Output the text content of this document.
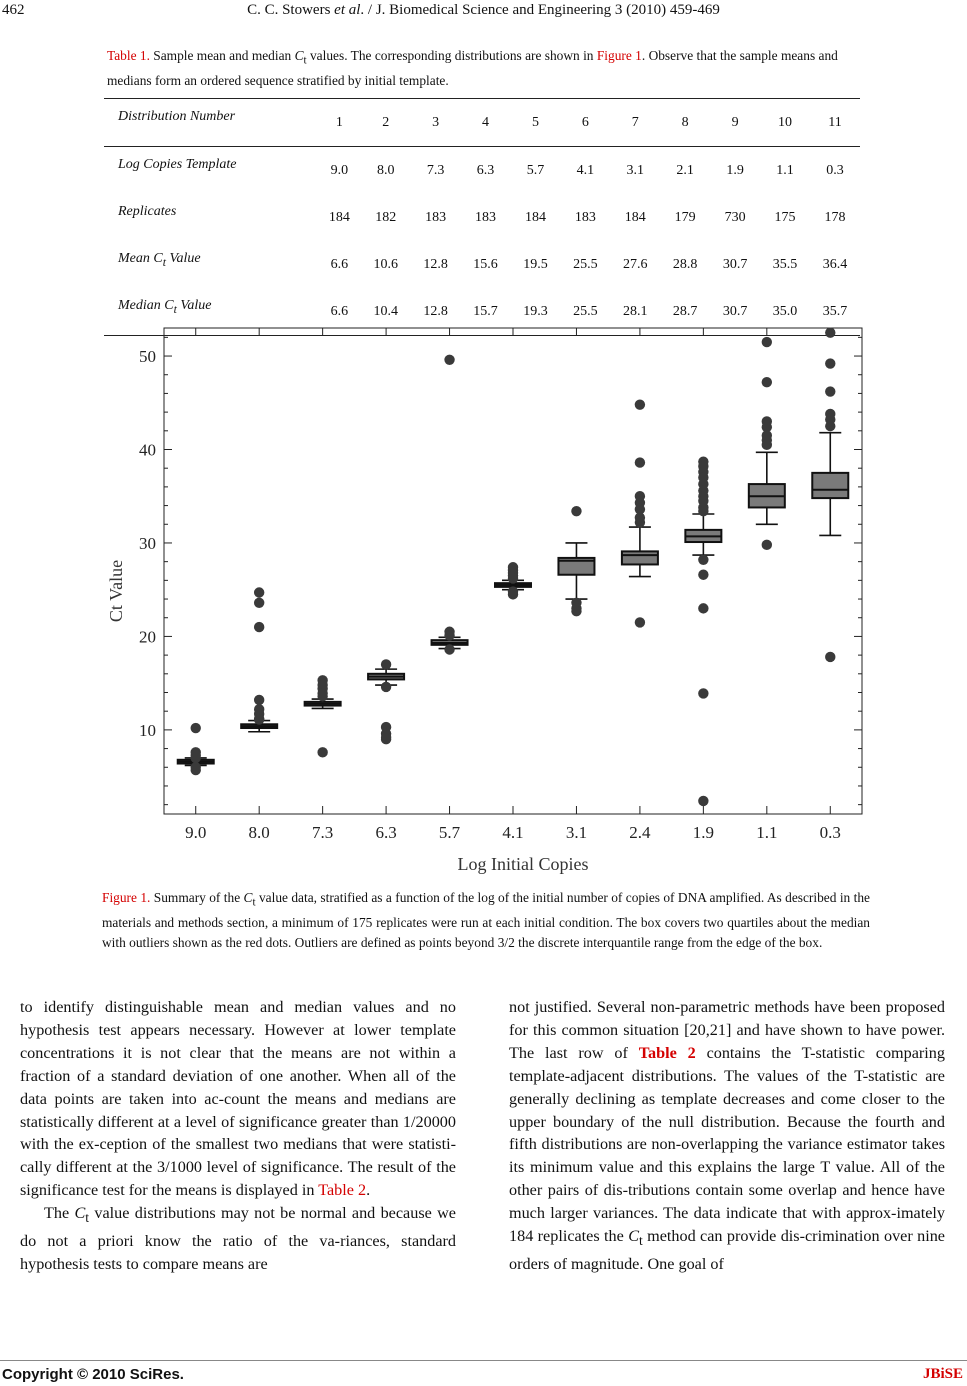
462	C. C. Stowers et al. / J. Biomedical Science and Engineering 3 (2010) 459-469
Table 1. Sample mean and median $C_t$ values. The corresponding distributions are shown in Figure 1. Observe that the sample means and medians form an ordered sequence stratified by initial template.
Distribution Number	1	2	3	4	5	6	7	8	9	10	11
Log Copies Template	9.0	8.0	7.3	6.3	5.7	4.1	3.1	2.1	1.9	1.1	0.3
Replicates	184	182	183	183	184	183	184	179	730	175	178
Mean $C_t$ Value	6.6	10.6	12.8	15.6	19.5	25.5	27.6	28.8	30.7	35.5	36.4
Median $C_t$ Value	6.6	10.4	12.8	15.7	19.3	25.5	28.1	28.7	30.7	35.0	35.7
10
20
30
40
50
9.0 8.0 7.3 6.3 5.7 4.1 3.1 2.4 1.9 1.1 0.3
Log Initial Copies
Ct Value
Figure 1. Summary of the $C_t$ value data, stratified as a function of the log of the initial number of copies of DNA amplified. As described in the materials and methods section, a minimum of 175 replicates were run at each initial condition. The box covers two quartiles about the median with outliers shown as the red dots. Outliers are defined as points beyond 3/2 the discrete interquantile range from the edge of the box.

to identify distinguishable mean and median values and no hypothesis test appears necessary. However at lower template concentrations it is not clear that the means are not within a fraction of a standard deviation of one another. When all of the data points are taken into ac-count the means and medians are statistically different at a level of significance greater than 1/20000 with the ex-ception of the smallest two medians that were statisti-cally different at the 3/1000 level of significance. The result of the significance test for the means is displayed in Table 2.

The $C_t$ value distributions may not be normal and because we do not a priori know the ratio of the va-riances, standard hypothesis tests to compare means are

not justified. Several non-parametric methods have been proposed for this common situation [20,21] and have shown to have power. The last row of Table 2 contains the T-statistic comparing template-adjacent distributions. The values of the T-statistic are generally declining as template decreases and come closer to the upper boundary of the null distribution. Because the fourth and fifth distributions are non-overlapping the variance estimator takes its minimum value and this explains the large T value. All of the other pairs of dis-tributions contain some overlap and hence have much larger variances. The data indicate that with approx-imately 184 replicates the $C_t$ method can provide dis-crimination over nine orders of magnitude. One goal of

Copyright © 2010 SciRes.	JBiSE
